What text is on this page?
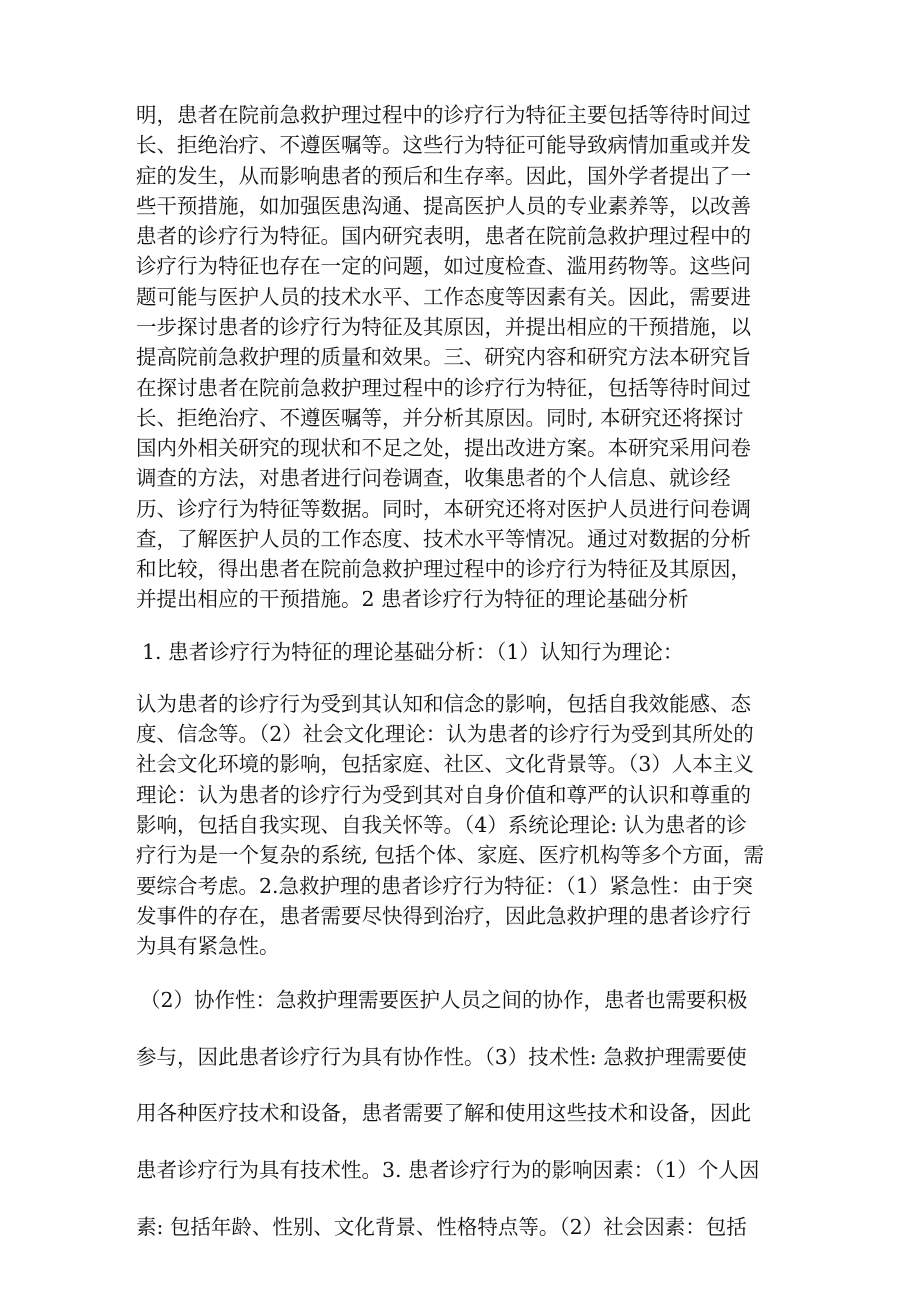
明，患者在院前急救护理过程中的诊疗行为特征主要包括等待时间过
长、拒绝治疗、不遵医嘱等。这些行为特征可能导致病情加重或并发
症的发生，从而影响患者的预后和生存率。因此，国外学者提出了一
些干预措施，如加强医患沟通、提高医护人员的专业素养等，以改善
患者的诊疗行为特征。国内研究表明，患者在院前急救护理过程中的
诊疗行为特征也存在一定的问题，如过度检查、滥用药物等。这些问
题可能与医护人员的技术水平、工作态度等因素有关。因此，需要进
一步探讨患者的诊疗行为特征及其原因，并提出相应的干预措施，以
提高院前急救护理的质量和效果。三、研究内容和研究方法本研究旨
在探讨患者在院前急救护理过程中的诊疗行为特征，包括等待时间过
长、拒绝治疗、不遵医嘱等，并分析其原因。同时, 本研究还将探讨
国内外相关研究的现状和不足之处，提出改进方案。本研究采用问卷
调查的方法，对患者进行问卷调查，收集患者的个人信息、就诊经
历、诊疗行为特征等数据。同时，本研究还将对医护人员进行问卷调
查，了解医护人员的工作态度、技术水平等情况。通过对数据的分析
和比较，得出患者在院前急救护理过程中的诊疗行为特征及其原因，
并提出相应的干预措施。2 患者诊疗行为特征的理论基础分析
1. 患者诊疗行为特征的理论基础分析：（1）认知行为理论：
认为患者的诊疗行为受到其认知和信念的影响，包括自我效能感、态
度、信念等。（2）社会文化理论：认为患者的诊疗行为受到其所处的
社会文化环境的影响，包括家庭、社区、文化背景等。（3）人本主义
理论：认为患者的诊疗行为受到其对自身价值和尊严的认识和尊重的
影响，包括自我实现、自我关怀等。（4）系统论理论: 认为患者的诊
疗行为是一个复杂的系统, 包括个体、家庭、医疗机构等多个方面，需
要综合考虑。2.急救护理的患者诊疗行为特征：（1）紧急性：由于突
发事件的存在，患者需要尽快得到治疗，因此急救护理的患者诊疗行
为具有紧急性。
（2）协作性：急救护理需要医护人员之间的协作，患者也需要积极
参与，因此患者诊疗行为具有协作性。（3）技术性: 急救护理需要使
用各种医疗技术和设备，患者需要了解和使用这些技术和设备，因此
患者诊疗行为具有技术性。3. 患者诊疗行为的影响因素：（1）个人因
素: 包括年龄、性别、文化背景、性格特点等。（2）社会因素：包括
